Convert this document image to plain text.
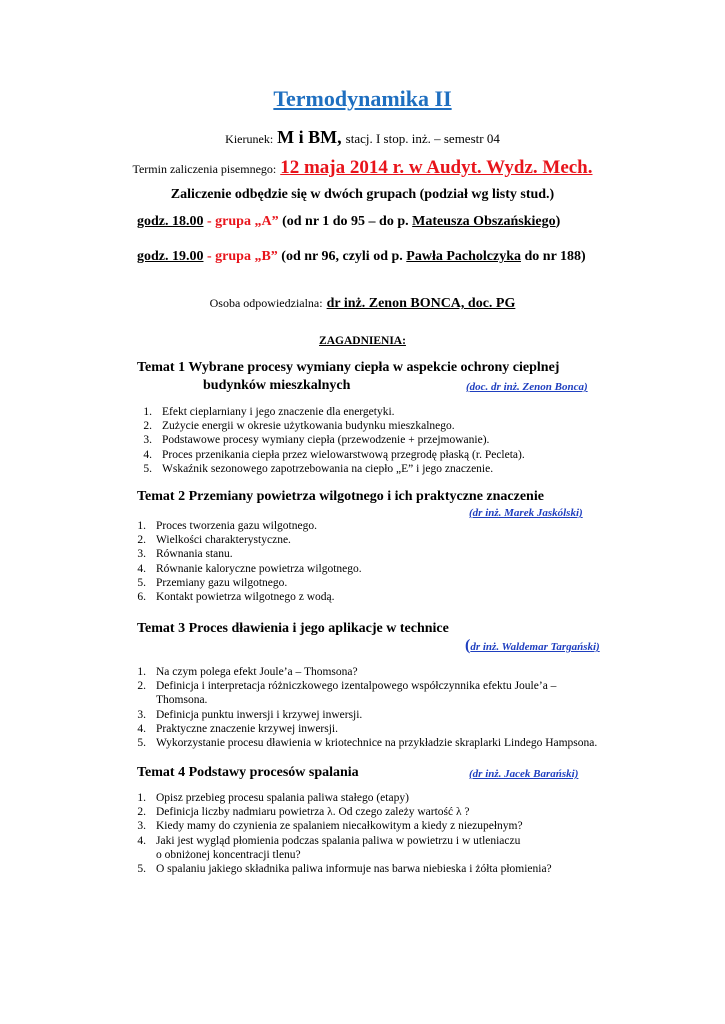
Termodynamika II
Kierunek: M i BM, stacj. I stop. inż. – semestr 04
Termin zaliczenia pisemnego: 12 maja 2014 r. w Audyt. Wydz. Mech.
Zaliczenie odbędzie się w dwóch grupach (podział wg listy stud.)
godz. 18.00 - grupa „A” (od nr 1 do 95 – do p. Mateusza Obszańskiego)
godz. 19.00 - grupa „B” (od nr 96, czyli od p. Pawła Pacholczyka do nr 188)
Osoba odpowiedzialna: dr inż. Zenon BONCA, doc. PG
ZAGADNIENIA:
Temat 1 Wybrane procesy wymiany ciepła w aspekcie ochrony cieplnej
budynków mieszkalnych	(doc. dr inż. Zenon Bonca)
1. Efekt cieplarniany i jego znaczenie dla energetyki.
2. Zużycie energii w okresie użytkowania budynku mieszkalnego.
3. Podstawowe procesy wymiany ciepła (przewodzenie + przejmowanie).
4. Proces przenikania ciepła przez wielowarstwową przegrodę płaską (r. Pecleta).
5. Wskaźnik sezonowego zapotrzebowania na ciepło „E” i jego znaczenie.
Temat 2 Przemiany powietrza wilgotnego i ich praktyczne znaczenie
(dr inż. Marek Jaskólski)
1. Proces tworzenia gazu wilgotnego.
2. Wielkości charakterystyczne.
3. Równania stanu.
4. Równanie kaloryczne powietrza wilgotnego.
5. Przemiany gazu wilgotnego.
6. Kontakt powietrza wilgotnego z wodą.
Temat 3 Proces dławienia i jego aplikacje w technice
(dr inż. Waldemar Targański)
1. Na czym polega efekt Joule’a – Thomsona?
2. Definicja i interpretacja różniczkowego izentalpowego współczynnika efektu Joule’a –
Thomsona.
3. Definicja punktu inwersji i krzywej inwersji.
4. Praktyczne znaczenie krzywej inwersji.
5. Wykorzystanie procesu dławienia w kriotechnice na przykładzie skraplarki Lindego Hampsona.
Temat 4 Podstawy procesów spalania	(dr inż. Jacek Barański)
1. Opisz przebieg procesu spalania paliwa stałego (etapy)
2. Definicja liczby nadmiaru powietrza λ. Od czego zależy wartość λ ?
3. Kiedy mamy do czynienia ze spalaniem niecałkowitym a kiedy z niezupełnym?
4. Jaki jest wygląd płomienia podczas spalania paliwa w powietrzu i w utleniaczu
o obniżonej koncentracji tlenu?
5. O spalaniu jakiego składnika paliwa informuje nas barwa niebieska i żółta płomienia?
